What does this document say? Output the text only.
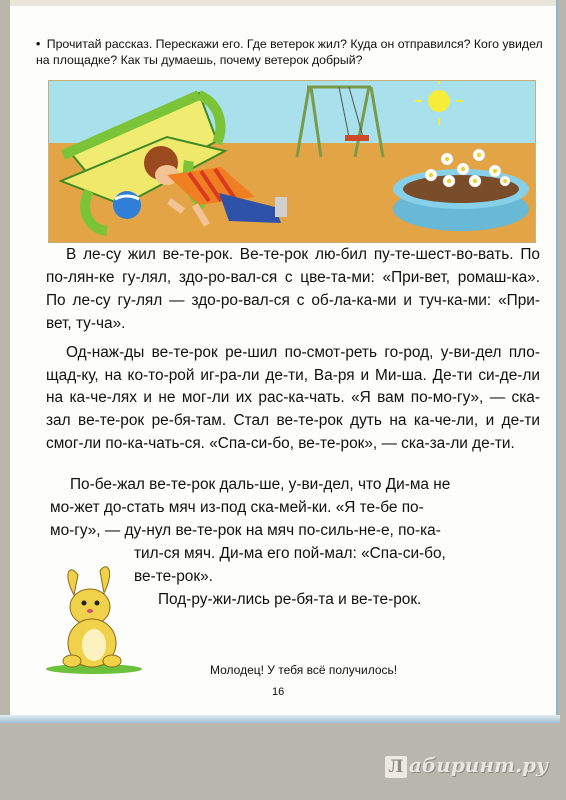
• Прочитай рассказ. Перескажи его. Где ветерок жил? Куда он отправился? Кого увидел на площадке? Как ты думаешь, почему ветерок добрый?

В ле-су жил ве-те-рок. Ве-те-рок лю-бил пу-те-шест-во-вать. По по-лян-ке гу-лял, здо-ро-вал-ся с цве-та-ми: «При-вет, ромаш-ка». По ле-су гу-лял — здо-ро-вал-ся с об-ла-ка-ми и туч-ка-ми: «При-вет, ту-ча».

Од-наж-ды ве-те-рок ре-шил по-смот-реть го-род, у-ви-дел пло-щад-ку, на ко-то-рой иг-ра-ли де-ти, Ва-ря и Ми-ша. Де-ти си-де-ли на ка-че-лях и не мог-ли их рас-ка-чать. «Я вам по-мо-гу», — ска-зал ве-те-рок ре-бя-там. Стал ве-те-рок дуть на ка-че-ли, и де-ти смог-ли по-ка-чать-ся. «Спа-си-бо, ве-те-рок», — ска-за-ли де-ти.

По-бе-жал ве-те-рок даль-ше, у-ви-дел, что Ди-ма не
мо-жет до-стать мяч из-под ска-мей-ки. «Я те-бе по-
мо-гу», — ду-нул ве-те-рок на мяч по-силь-не-е, по-ка-
тил-ся мяч. Ди-ма его пой-мал: «Спа-си-бо,
ве-те-рок».
Под-ру-жи-лись ре-бя-та и ве-те-рок.
Молодец! У тебя всё получилось!
16
Л абиринт.ру
